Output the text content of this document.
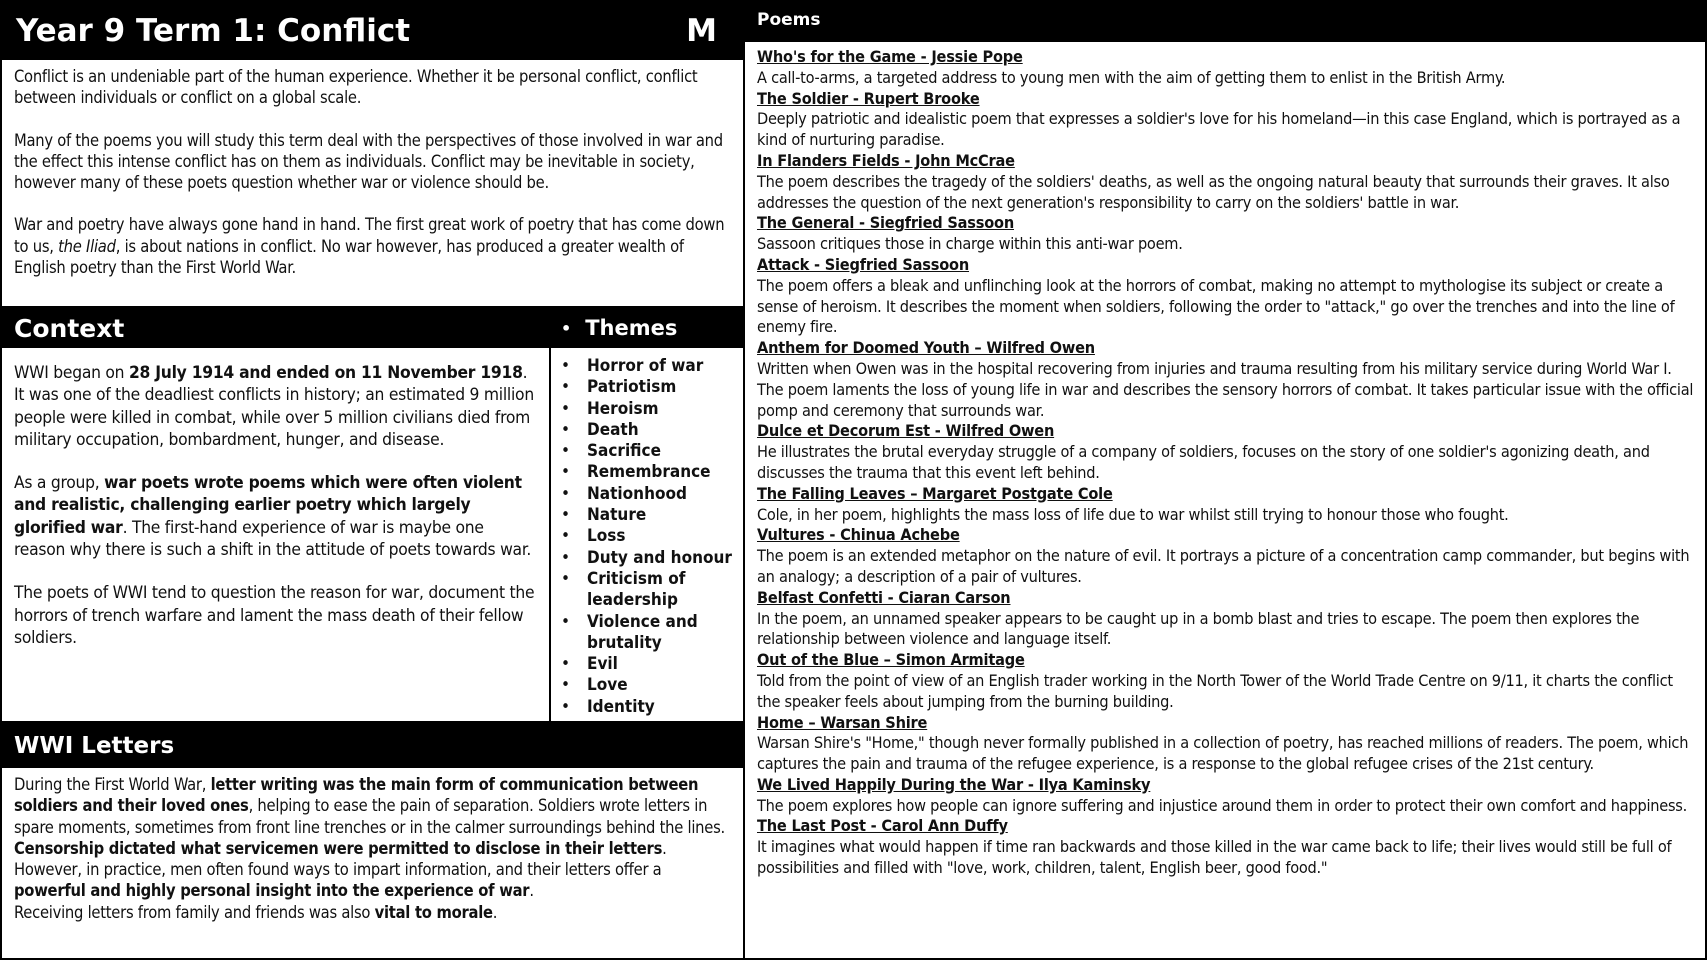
Year 9 Term 1: Conflict	M

Conflict is an undeniable part of the human experience. Whether it be personal conflict, conflict between individuals or conflict on a global scale.

Many of the poems you will study this term deal with the perspectives of those involved in war and the effect this intense conflict has on them as individuals. Conflict may be inevitable in society, however many of these poets question whether war or violence should be.

War and poetry have always gone hand in hand. The first great work of poetry that has come down to us, the Iliad, is about nations in conflict. No war however, has produced a greater wealth of English poetry than the First World War.

Context

WWI began on 28 July 1914 and ended on 11 November 1918. It was one of the deadliest conflicts in history; an estimated 9 million people were killed in combat, while over 5 million civilians died from military occupation, bombardment, hunger, and disease.

As a group, war poets wrote poems which were often violent and realistic, challenging earlier poetry which largely glorified war. The first-hand experience of war is maybe one reason why there is such a shift in the attitude of poets towards war.

The poets of WWI tend to question the reason for war, document the horrors of trench warfare and lament the mass death of their fellow soldiers.

• Themes
• Horror of war
• Patriotism
• Heroism
• Death
• Sacrifice
• Remembrance
• Nationhood
• Nature
• Loss
• Duty and honour
• Criticism of leadership
• Violence and brutality
• Evil
• Love
• Identity
WWI Letters

During the First World War, letter writing was the main form of communication between soldiers and their loved ones, helping to ease the pain of separation. Soldiers wrote letters in spare moments, sometimes from front line trenches or in the calmer surroundings behind the lines.
Censorship dictated what servicemen were permitted to disclose in their letters.
However, in practice, men often found ways to impart information, and their letters offer a powerful and highly personal insight into the experience of war.
Receiving letters from family and friends was also vital to morale.

Poems
Who's for the Game - Jessie Pope
A call-to-arms, a targeted address to young men with the aim of getting them to enlist in the British Army.
The Soldier - Rupert Brooke
Deeply patriotic and idealistic poem that expresses a soldier's love for his homeland—in this case England, which is portrayed as a kind of nurturing paradise.
In Flanders Fields - John McCrae
The poem describes the tragedy of the soldiers' deaths, as well as the ongoing natural beauty that surrounds their graves. It also addresses the question of the next generation's responsibility to carry on the soldiers' battle in war.
The General - Siegfried Sassoon
Sassoon critiques those in charge within this anti-war poem.
Attack - Siegfried Sassoon
The poem offers a bleak and unflinching look at the horrors of combat, making no attempt to mythologise its subject or create a sense of heroism. It describes the moment when soldiers, following the order to "attack," go over the trenches and into the line of enemy fire.
Anthem for Doomed Youth – Wilfred Owen
Written when Owen was in the hospital recovering from injuries and trauma resulting from his military service during World War I. The poem laments the loss of young life in war and describes the sensory horrors of combat. It takes particular issue with the official pomp and ceremony that surrounds war.
Dulce et Decorum Est - Wilfred Owen
He illustrates the brutal everyday struggle of a company of soldiers, focuses on the story of one soldier's agonizing death, and discusses the trauma that this event left behind.
The Falling Leaves – Margaret Postgate Cole
Cole, in her poem, highlights the mass loss of life due to war whilst still trying to honour those who fought.
Vultures - Chinua Achebe
The poem is an extended metaphor on the nature of evil. It portrays a picture of a concentration camp commander, but begins with an analogy; a description of a pair of vultures.
Belfast Confetti - Ciaran Carson
In the poem, an unnamed speaker appears to be caught up in a bomb blast and tries to escape. The poem then explores the relationship between violence and language itself.
Out of the Blue – Simon Armitage
Told from the point of view of an English trader working in the North Tower of the World Trade Centre on 9/11, it charts the conflict the speaker feels about jumping from the burning building.
Home – Warsan Shire
Warsan Shire's "Home," though never formally published in a collection of poetry, has reached millions of readers. The poem, which captures the pain and trauma of the refugee experience, is a response to the global refugee crises of the 21st century.
We Lived Happily During the War - Ilya Kaminsky
The poem explores how people can ignore suffering and injustice around them in order to protect their own comfort and happiness.
The Last Post - Carol Ann Duffy
It imagines what would happen if time ran backwards and those killed in the war came back to life; their lives would still be full of possibilities and filled with "love, work, children, talent, English beer, good food."
